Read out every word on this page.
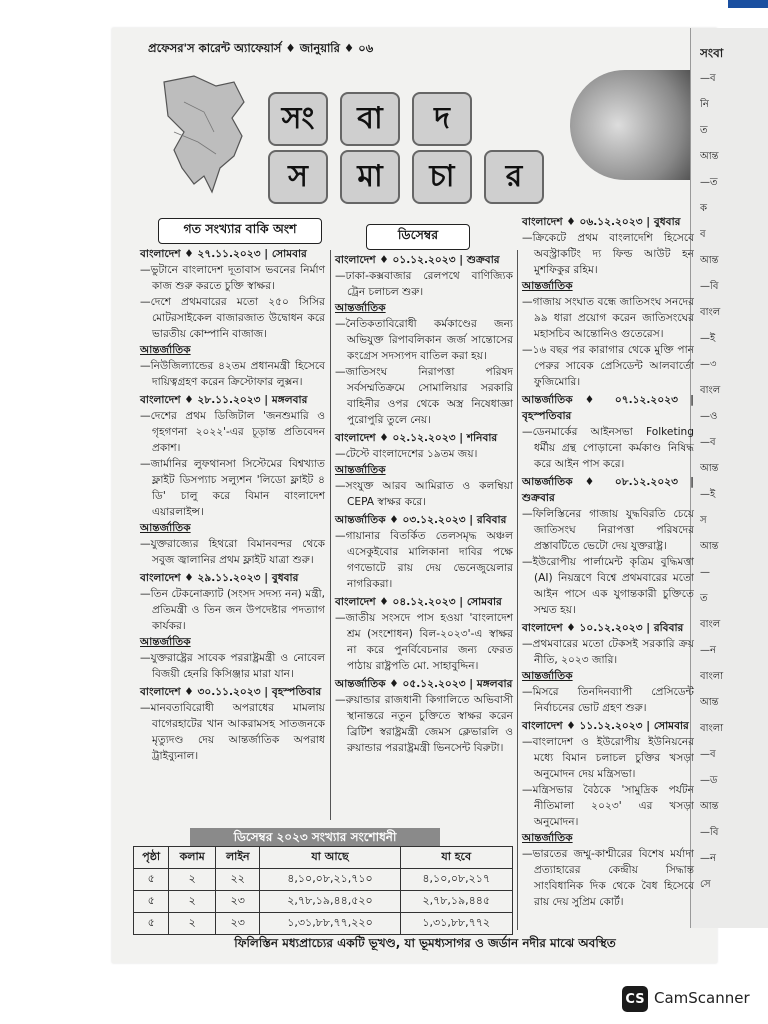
সংবা
—ব
নি
ত
আন্ত
—ত
ক
ব
আন্ত
—বি
বাংল
—ই
—৩
বাংল
—ও
—ব
আন্ত
—ই
স
আন্ত
—
ত
বাংল
—ন
বাংলা
আন্ত
বাংলা
—ব
—ড
আন্ত
—বি
—ন
সে
প্রফেসর'স কারেন্ট অ্যাফেয়ার্স ♦ জানুয়ারি ♦ ০৬
সং	বা	দ
স	মা	চা	র
গত সংখ্যার বাকি অংশ	ডিসেম্বর

বাংলাদেশ ♦ ২৭.১১.২০২৩ | সোমবার

—ভুটানে বাংলাদেশ দূতাবাস ভবনের নির্মাণ কাজ শুরু করতে চুক্তি স্বাক্ষর।

—দেশে প্রথমবারের মতো ২৫০ সিসির মোটরসাইকেল বাজারজাত উদ্বোধন করে ভারতীয় কোম্পানি বাজাজ।

আন্তর্জাতিক

—নিউজিল্যান্ডের ৪২তম প্রধানমন্ত্রী হিসেবে দায়িত্বগ্রহণ করেন ক্রিস্টোফার লুক্সন।

বাংলাদেশ ♦ ২৮.১১.২০২৩ | মঙ্গলবার

—দেশের প্রথম ডিজিটাল 'জনশুমারি ও গৃহগণনা ২০২২'-এর চূড়ান্ত প্রতিবেদন প্রকাশ।

—জার্মানির লুফথানসা সিস্টেমের বিশ্বখ্যাত ফ্লাইট ডিসপ্যাচ সল্যুশন 'লিডো ফ্লাইট ৪ ডি' চালু করে বিমান বাংলাদেশ এয়ারলাইন্স।

আন্তর্জাতিক

—যুক্তরাজ্যের হিথরো বিমানবন্দর থেকে সবুজ জ্বালানির প্রথম ফ্লাইট যাত্রা শুরু।

বাংলাদেশ ♦ ২৯.১১.২০২৩ | বুধবার

—তিন টেকনোক্র্যাট (সংসদ সদস্য নন) মন্ত্রী, প্রতিমন্ত্রী ও তিন জন উপদেষ্টার পদত্যাগ কার্যকর।

আন্তর্জাতিক

—যুক্তরাষ্ট্রের সাবেক পররাষ্ট্রমন্ত্রী ও নোবেল বিজয়ী হেনরি কিসিঞ্জার মারা যান।

বাংলাদেশ ♦ ৩০.১১.২০২৩ | বৃহস্পতিবার

—মানবতাবিরোধী অপরাধের মামলায় বাগেরহাটের খান আকরামসহ সাতজনকে মৃত্যুদণ্ড দেয় আন্তর্জাতিক অপরাধ ট্রাইব্যুনাল।

বাংলাদেশ ♦ ০১.১২.২০২৩ | শুক্রবার

—ঢাকা-কক্সবাজার রেলপথে বাণিজ্যিক ট্রেন চলাচল শুরু।

আন্তর্জাতিক

—নৈতিকতাবিরোধী কর্মকাণ্ডের জন্য অভিযুক্ত রিপাবলিকান জর্জ সান্তোসের কংগ্রেস সদস্যপদ বাতিল করা হয়।

—জাতিসংঘ নিরাপত্তা পরিষদ সর্বসম্মতিক্রমে সোমালিয়ার সরকারি বাহিনীর ওপর থেকে অস্ত্র নিষেধাজ্ঞা পুরোপুরি তুলে নেয়।

বাংলাদেশ ♦ ০২.১২.২০২৩ | শনিবার

—টেস্টে বাংলাদেশের ১৯তম জয়।

আন্তর্জাতিক

—সংযুক্ত আরব আমিরাত ও কলম্বিয়া CEPA স্বাক্ষর করে।

আন্তর্জাতিক ♦ ০৩.১২.২০২৩ | রবিবার

—গায়ানার বিতর্কিত তেলসমৃদ্ধ অঞ্চল এসেকুইবোর মালিকানা দাবির পক্ষে গণভোটে রায় দেয় ভেনেজুয়েলার নাগরিকরা।

বাংলাদেশ ♦ ০৪.১২.২০২৩ | সোমবার

—জাতীয় সংসদে পাস হওয়া 'বাংলাদেশ শ্রম (সংশোধন) বিল-২০২৩'-এ স্বাক্ষর না করে পুনর্বিবেচনার জন্য ফেরত পাঠায় রাষ্ট্রপতি মো. সাহাবুদ্দিন।

আন্তর্জাতিক ♦ ০৫.১২.২০২৩ | মঙ্গলবার

—রুয়ান্ডার রাজধানী কিগালিতে অভিবাসী স্থানান্তরে নতুন চুক্তিতে স্বাক্ষর করেন ব্রিটিশ স্বরাষ্ট্রমন্ত্রী জেমস ক্লেভারলি ও রুয়ান্ডার পররাষ্ট্রমন্ত্রী ভিনসেন্ট বিরুটা।

বাংলাদেশ ♦ ০৬.১২.২০২৩ | বুধবার

—ক্রিকেটে প্রথম বাংলাদেশি হিসেবে অবস্ট্রাকটিং দ্য ফিল্ড আউট হন মুশফিকুর রহিম।

আন্তর্জাতিক

—গাজায় সংঘাত বন্ধে জাতিসংঘ সনদের ৯৯ ধারা প্রয়োগ করেন জাতিসংঘের মহাসচিব আন্তোনিও গুতেরেস।

—১৬ বছর পর কারাগার থেকে মুক্তি পান পেরুর সাবেক প্রেসিডেন্ট আলবার্তো ফুজিমোরি।

আন্তর্জাতিক ♦ ০৭.১২.২০২৩ | বৃহস্পতিবার

—ডেনমার্কের আইনসভা Folketing ধর্মীয় গ্রন্থ পোড়ানো কর্মকাণ্ড নিষিদ্ধ করে আইন পাস করে।

আন্তর্জাতিক ♦ ০৮.১২.২০২৩ | শুক্রবার

—ফিলিস্তিনের গাজায় যুদ্ধবিরতি চেয়ে জাতিসংঘ নিরাপত্তা পরিষদের প্রস্তাবটিতে ভেটো দেয় যুক্তরাষ্ট্র।

—ইউরোপীয় পার্লামেন্ট কৃত্রিম বুদ্ধিমত্তা (AI) নিয়ন্ত্রণে বিশ্বে প্রথমবারের মতো আইন পাসে এক যুগান্তকারী চুক্তিতে সম্মত হয়।

বাংলাদেশ ♦ ১০.১২.২০২৩ | রবিবার

—প্রথমবারের মতো টেকসই সরকারি ক্রয় নীতি, ২০২৩ জারি।

আন্তর্জাতিক

—মিসরে তিনদিনব্যাপী প্রেসিডেন্ট নির্বাচনের ভোট গ্রহণ শুরু।

বাংলাদেশ ♦ ১১.১২.২০২৩ | সোমবার

—বাংলাদেশ ও ইউরোপীয় ইউনিয়নের মধ্যে বিমান চলাচল চুক্তির খসড়া অনুমোদন দেয় মন্ত্রিসভা।

—মন্ত্রিসভার বৈঠকে 'সামুদ্রিক পর্যটন নীতিমালা ২০২৩' এর খসড়া অনুমোদন।

আন্তর্জাতিক

—ভারতের জম্মু-কাশ্মীরের বিশেষ মর্যাদা প্রত্যাহারের কেন্দ্রীয় সিদ্ধান্ত সাংবিধানিক দিক থেকে বৈধ হিসেবে রায় দেয় সুপ্রিম কোর্ট।

ডিসেম্বর ২০২৩ সংখ্যার সংশোধনী
পৃষ্ঠা	কলাম	লাইন	যা আছে	যা হবে
৫	২	২২	৪,১০,০৮,২১,৭১০	৪,১০,০৮,২১৭
৫	২	২৩	২,৭৮,১৯,৪৪,৫২০	২,৭৮,১৯,৪৪৫
৫	২	২৩	১,৩১,৮৮,৭৭,২২০	১,৩১,৮৮,৭৭২
ফিলিস্তিন মধ্যপ্রাচ্যের একটি ভূখণ্ড, যা ভূমধ্যসাগর ও জর্ডান নদীর মাঝে অবস্থিত
CS CamScanner
